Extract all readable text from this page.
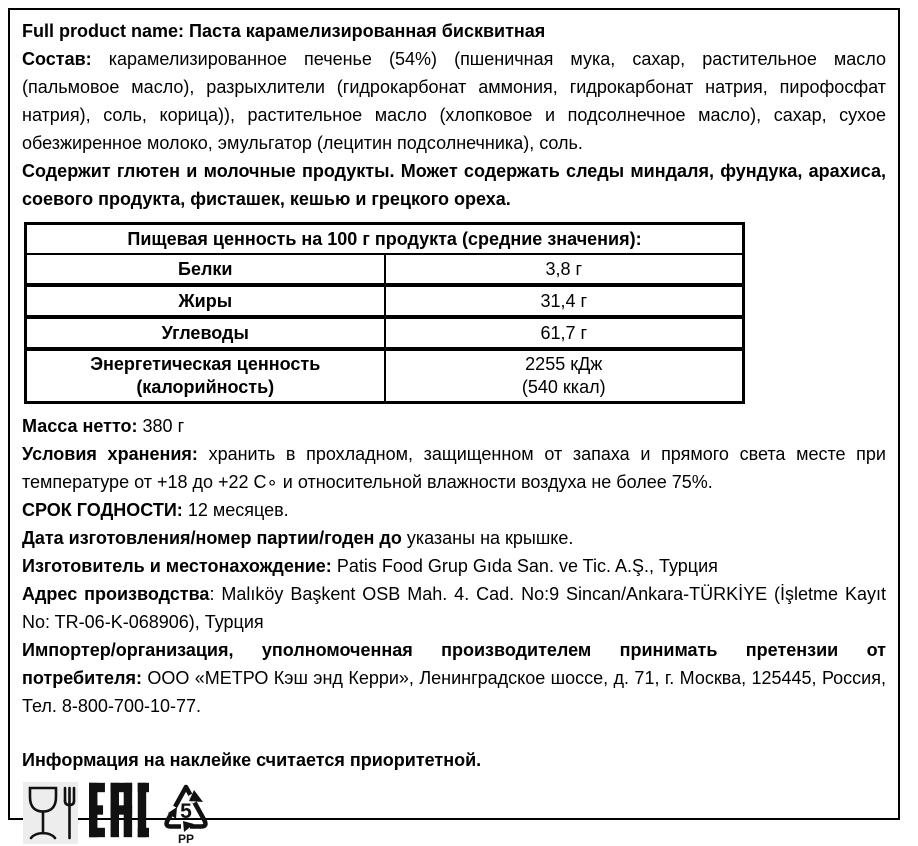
Full product name: Паста карамелизированная бисквитная

Состав: карамелизированное печенье (54%) (пшеничная мука, сахар, растительное масло (пальмовое масло), разрыхлители (гидрокарбонат аммония, гидрокарбонат натрия, пирофосфат натрия), соль, корица)), растительное масло (хлопковое и подсолнечное масло), сахар, сухое обезжиренное молоко, эмульгатор (лецитин подсолнечника), соль.

Содержит глютен и молочные продукты. Может содержать следы миндаля, фундука, арахиса, соевого продукта, фисташек, кешью и грецкого ореха.

Пищевая ценность на 100 г продукта (средние значения):	
Белки	3,8 г
Жиры	31,4 г
Углеводы	61,7 г
Энергетическая ценность (калорийность)	2255 кДж
(540 ккал)

Масса нетто: 380 г

Условия хранения: хранить в прохладном, защищенном от запаха и прямого света месте при температуре от +18 до +22 С∘ и относительной влажности воздуха не более 75%.

СРОК ГОДНОСТИ: 12 месяцев.

Дата изготовления/номер партии/годен до указаны на крышке.

Изготовитель и местонахождение: Patis Food Grup Gıda San. ve Tic. A.Ş., Турция

Адрес производства: Malıköy Başkent OSB Mah. 4. Cad. No:9 Sincan/Ankara-TÜRKİYE (İşletme Kayıt No: TR-06-K-068906), Турция

Импортер/организация, уполномоченная производителем принимать претензии от потребителя: ООО «МЕТРО Кэш энд Керри», Ленинградское шоссе, д. 71, г. Москва, 125445, Россия, Тел. 8-800-700-10-77.

Информация на наклейке считается приоритетной.

5
PP
